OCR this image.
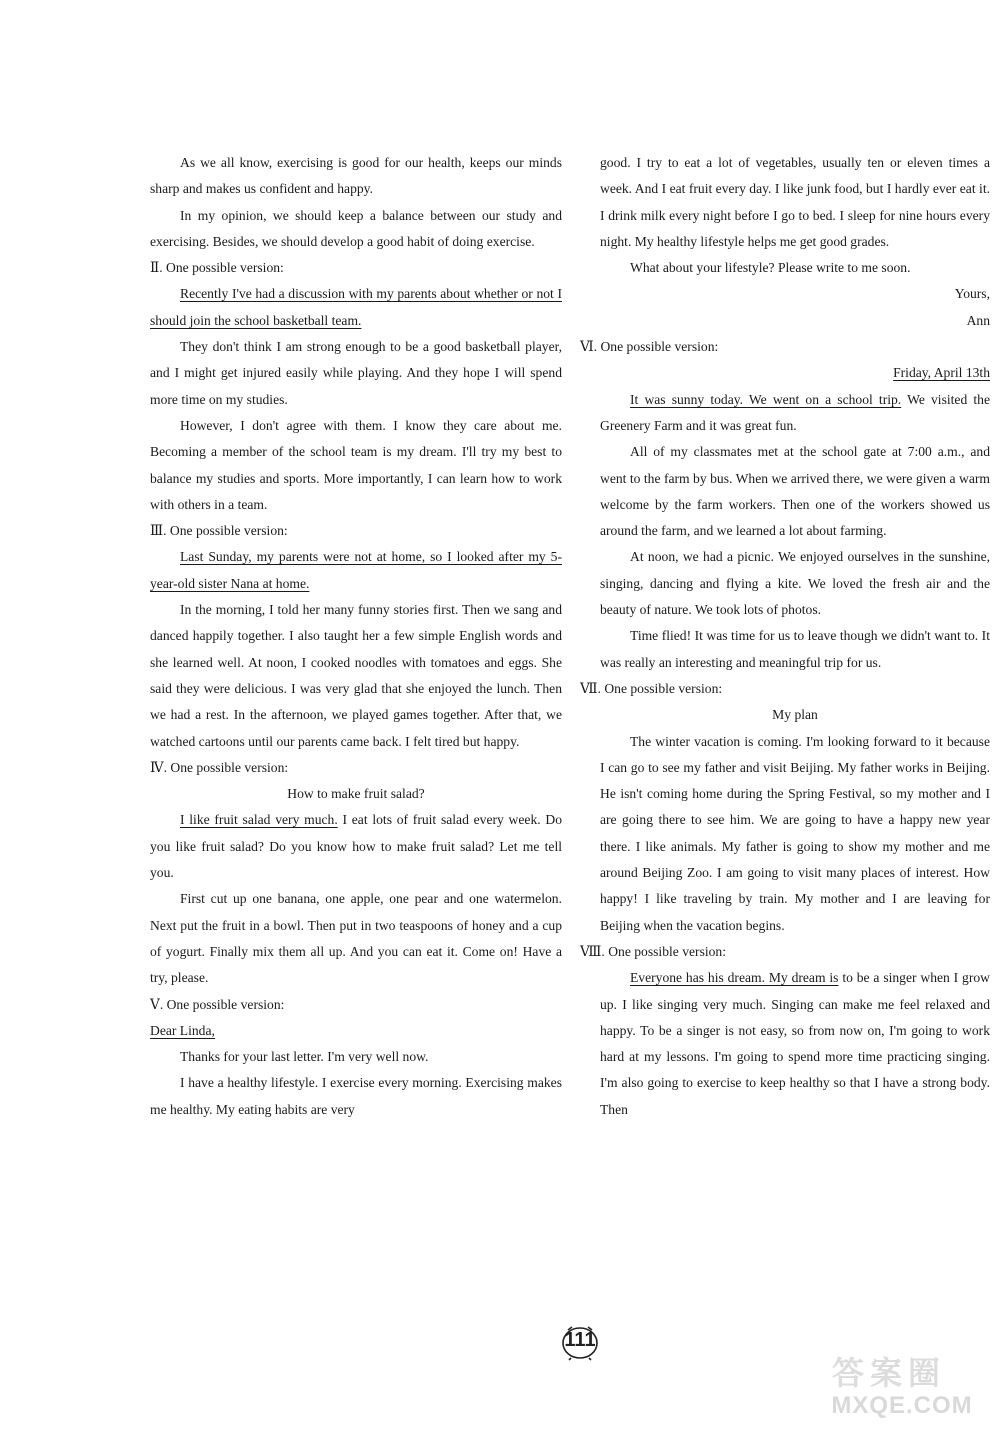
As we all know, exercising is good for our health, keeps our minds sharp and makes us confident and happy.

In my opinion, we should keep a balance between our study and exercising. Besides, we should develop a good habit of doing exercise.

Ⅱ. One possible version:

Recently I've had a discussion with my parents about whether or not I should join the school basketball team.

They don't think I am strong enough to be a good basketball player, and I might get injured easily while playing. And they hope I will spend more time on my studies.

However, I don't agree with them. I know they care about me. Becoming a member of the school team is my dream. I'll try my best to balance my studies and sports. More importantly, I can learn how to work with others in a team.

Ⅲ. One possible version:

Last Sunday, my parents were not at home, so I looked after my 5-year-old sister Nana at home.

In the morning, I told her many funny stories first. Then we sang and danced happily together. I also taught her a few simple English words and she learned well. At noon, I cooked noodles with tomatoes and eggs. She said they were delicious. I was very glad that she enjoyed the lunch. Then we had a rest. In the afternoon, we played games together. After that, we watched cartoons until our parents came back. I felt tired but happy.

Ⅳ. One possible version:

How to make fruit salad?

I like fruit salad very much. I eat lots of fruit salad every week. Do you like fruit salad? Do you know how to make fruit salad? Let me tell you.

First cut up one banana, one apple, one pear and one watermelon. Next put the fruit in a bowl. Then put in two teaspoons of honey and a cup of yogurt. Finally mix them all up. And you can eat it. Come on! Have a try, please.

Ⅴ. One possible version:

Dear Linda,

Thanks for your last letter. I'm very well now.

I have a healthy lifestyle. I exercise every morning. Exercising makes me healthy. My eating habits are very

good. I try to eat a lot of vegetables, usually ten or eleven times a week. And I eat fruit every day. I like junk food, but I hardly ever eat it. I drink milk every night before I go to bed. I sleep for nine hours every night. My healthy lifestyle helps me get good grades.

What about your lifestyle? Please write to me soon.

Yours,

Ann

Ⅵ. One possible version:

Friday, April 13th

It was sunny today. We went on a school trip. We visited the Greenery Farm and it was great fun.

All of my classmates met at the school gate at 7:00 a.m., and went to the farm by bus. When we arrived there, we were given a warm welcome by the farm workers. Then one of the workers showed us around the farm, and we learned a lot about farming.

At noon, we had a picnic. We enjoyed ourselves in the sunshine, singing, dancing and flying a kite. We loved the fresh air and the beauty of nature. We took lots of photos.

Time flied! It was time for us to leave though we didn't want to. It was really an interesting and meaningful trip for us.

Ⅶ. One possible version:

My plan

The winter vacation is coming. I'm looking forward to it because I can go to see my father and visit Beijing. My father works in Beijing. He isn't coming home during the Spring Festival, so my mother and I are going there to see him. We are going to have a happy new year there. I like animals. My father is going to show my mother and me around Beijing Zoo. I am going to visit many places of interest. How happy! I like traveling by train. My mother and I are leaving for Beijing when the vacation begins.

Ⅷ. One possible version:

Everyone has his dream. My dream is to be a singer when I grow up. I like singing very much. Singing can make me feel relaxed and happy. To be a singer is not easy, so from now on, I'm going to work hard at my lessons. I'm going to spend more time practicing singing. I'm also going to exercise to keep healthy so that I have a strong body. Then

111
答案圈
MXQE.COM
